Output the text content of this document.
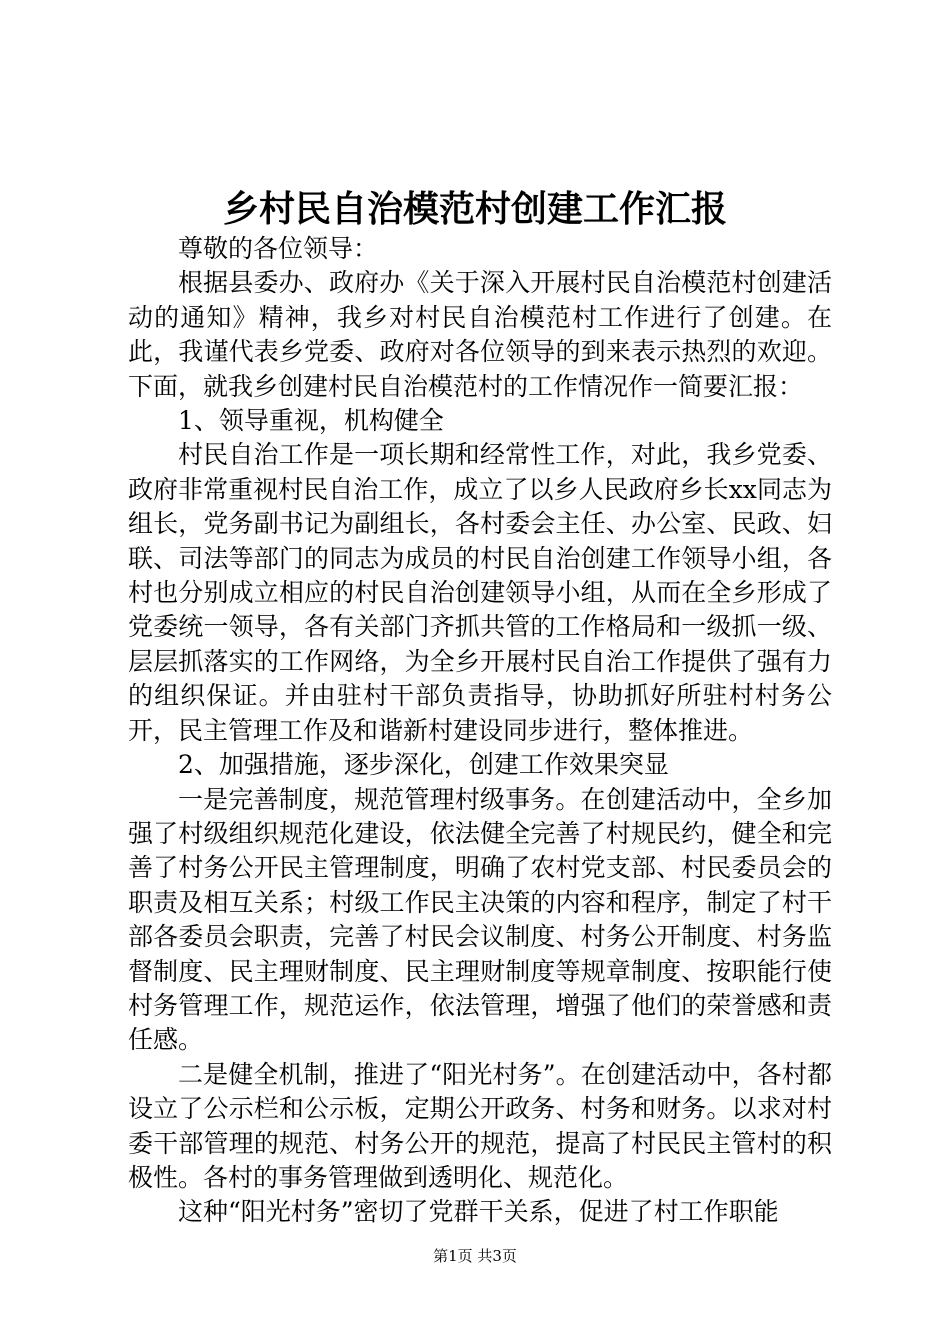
乡村民自治模范村创建工作汇报

尊敬的各位领导：

根据县委办、政府办《关于深入开展村民自治模范村创建活动的通知》精神，我乡对村民自治模范村工作进行了创建。在此，我谨代表乡党委、政府对各位领导的到来表示热烈的欢迎。下面，就我乡创建村民自治模范村的工作情况作一简要汇报：

1、领导重视，机构健全

村民自治工作是一项长期和经常性工作，对此，我乡党委、政府非常重视村民自治工作，成立了以乡人民政府乡长xx同志为组长，党务副书记为副组长，各村委会主任、办公室、民政、妇联、司法等部门的同志为成员的村民自治创建工作领导小组，各村也分别成立相应的村民自治创建领导小组，从而在全乡形成了党委统一领导，各有关部门齐抓共管的工作格局和一级抓一级、层层抓落实的工作网络，为全乡开展村民自治工作提供了强有力的组织保证。并由驻村干部负责指导，协助抓好所驻村村务公开，民主管理工作及和谐新村建设同步进行，整体推进。

2、加强措施，逐步深化，创建工作效果突显

一是完善制度，规范管理村级事务。在创建活动中，全乡加强了村级组织规范化建设，依法健全完善了村规民约，健全和完善了村务公开民主管理制度，明确了农村党支部、村民委员会的职责及相互关系；村级工作民主决策的内容和程序，制定了村干部各委员会职责，完善了村民会议制度、村务公开制度、村务监督制度、民主理财制度、民主理财制度等规章制度、按职能行使村务管理工作，规范运作，依法管理，增强了他们的荣誉感和责任感。

二是健全机制，推进了“阳光村务”。在创建活动中，各村都设立了公示栏和公示板，定期公开政务、村务和财务。以求对村委干部管理的规范、村务公开的规范，提高了村民民主管村的积极性。各村的事务管理做到透明化、规范化。

这种“阳光村务”密切了党群干关系，促进了村工作职能

第1页 共3页
